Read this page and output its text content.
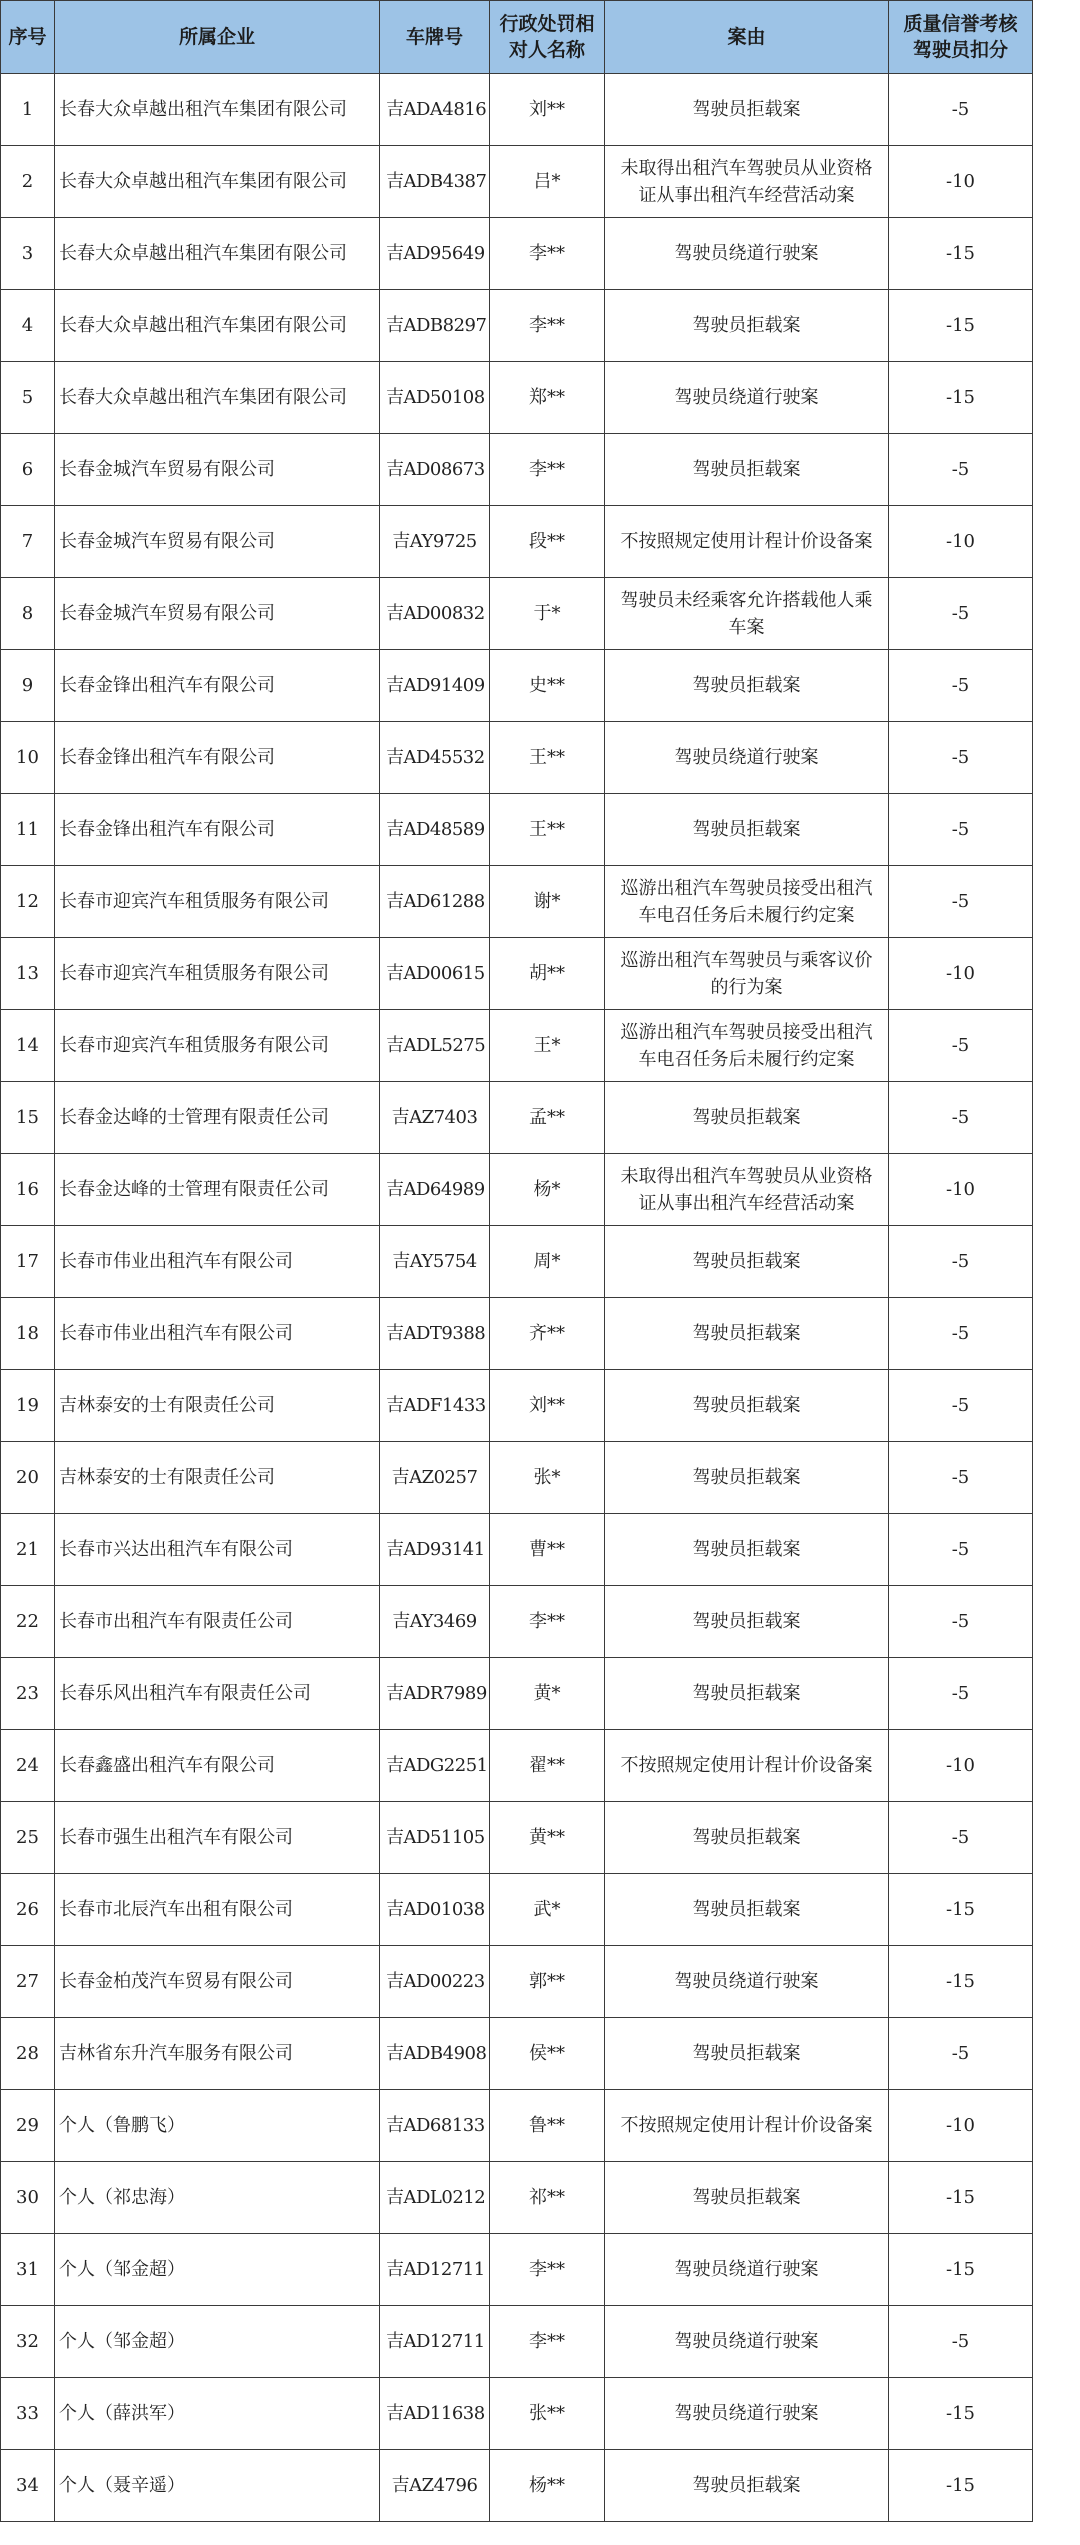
序号	所属企业	车牌号	行政处罚相对人名称	案由	质量信誉考核驾驶员扣分
1	长春大众卓越出租汽车集团有限公司	吉ADA4816	刘**	驾驶员拒载案	-5
2	长春大众卓越出租汽车集团有限公司	吉ADB4387	吕*	未取得出租汽车驾驶员从业资格证从事出租汽车经营活动案	-10
3	长春大众卓越出租汽车集团有限公司	吉AD95649	李**	驾驶员绕道行驶案	-15
4	长春大众卓越出租汽车集团有限公司	吉ADB8297	李**	驾驶员拒载案	-15
5	长春大众卓越出租汽车集团有限公司	吉AD50108	郑**	驾驶员绕道行驶案	-15
6	长春金城汽车贸易有限公司	吉AD08673	李**	驾驶员拒载案	-5
7	长春金城汽车贸易有限公司	吉AY9725	段**	不按照规定使用计程计价设备案	-10
8	长春金城汽车贸易有限公司	吉AD00832	于*	驾驶员未经乘客允许搭载他人乘车案	-5
9	长春金锋出租汽车有限公司	吉AD91409	史**	驾驶员拒载案	-5
10	长春金锋出租汽车有限公司	吉AD45532	王**	驾驶员绕道行驶案	-5
11	长春金锋出租汽车有限公司	吉AD48589	王**	驾驶员拒载案	-5
12	长春市迎宾汽车租赁服务有限公司	吉AD61288	谢*	巡游出租汽车驾驶员接受出租汽车电召任务后未履行约定案	-5
13	长春市迎宾汽车租赁服务有限公司	吉AD00615	胡**	巡游出租汽车驾驶员与乘客议价的行为案	-10
14	长春市迎宾汽车租赁服务有限公司	吉ADL5275	王*	巡游出租汽车驾驶员接受出租汽车电召任务后未履行约定案	-5
15	长春金达峰的士管理有限责任公司	吉AZ7403	孟**	驾驶员拒载案	-5
16	长春金达峰的士管理有限责任公司	吉AD64989	杨*	未取得出租汽车驾驶员从业资格证从事出租汽车经营活动案	-10
17	长春市伟业出租汽车有限公司	吉AY5754	周*	驾驶员拒载案	-5
18	长春市伟业出租汽车有限公司	吉ADT9388	齐**	驾驶员拒载案	-5
19	吉林泰安的士有限责任公司	吉ADF1433	刘**	驾驶员拒载案	-5
20	吉林泰安的士有限责任公司	吉AZ0257	张*	驾驶员拒载案	-5
21	长春市兴达出租汽车有限公司	吉AD93141	曹**	驾驶员拒载案	-5
22	长春市出租汽车有限责任公司	吉AY3469	李**	驾驶员拒载案	-5
23	长春乐风出租汽车有限责任公司	吉ADR7989	黄*	驾驶员拒载案	-5
24	长春鑫盛出租汽车有限公司	吉ADG2251	翟**	不按照规定使用计程计价设备案	-10
25	长春市强生出租汽车有限公司	吉AD51105	黄**	驾驶员拒载案	-5
26	长春市北辰汽车出租有限公司	吉AD01038	武*	驾驶员拒载案	-15
27	长春金柏茂汽车贸易有限公司	吉AD00223	郭**	驾驶员绕道行驶案	-15
28	吉林省东升汽车服务有限公司	吉ADB4908	侯**	驾驶员拒载案	-5
29	个人（鲁鹏飞）	吉AD68133	鲁**	不按照规定使用计程计价设备案	-10
30	个人（祁忠海）	吉ADL0212	祁**	驾驶员拒载案	-15
31	个人（邹金超）	吉AD12711	李**	驾驶员绕道行驶案	-15
32	个人（邹金超）	吉AD12711	李**	驾驶员绕道行驶案	-5
33	个人（薛洪军）	吉AD11638	张**	驾驶员绕道行驶案	-15
34	个人（聂辛遥）	吉AZ4796	杨**	驾驶员拒载案	-15
